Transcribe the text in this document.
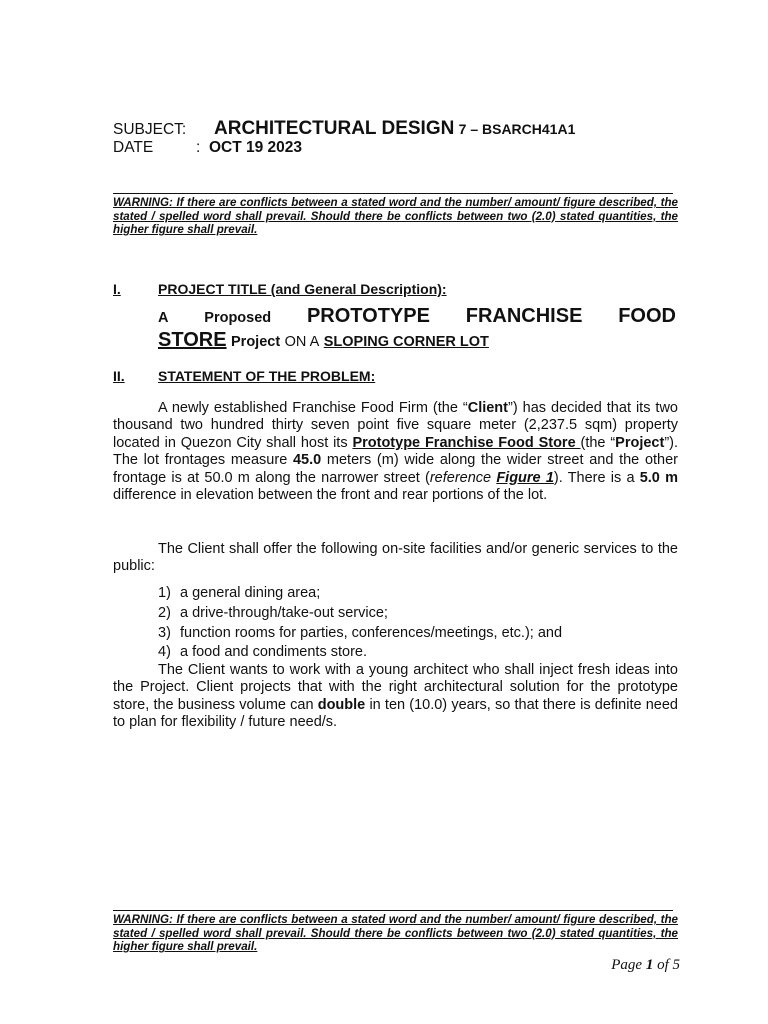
SUBJECT: ARCHITECTURAL DESIGN 7 – BSARCH41A1
DATE	: OCT 19 2023
WARNING: If there are conflicts between a stated word and the number/ amount/ figure described, the stated / spelled word shall prevail. Should there be conflicts between two (2.0) stated quantities, the higher figure shall prevail.
I.	PROJECT TITLE (and General Description):
A Proposed PROTOTYPE FRANCHISE FOOD
STORE Project ON A SLOPING CORNER LOT
II. STATEMENT OF THE PROBLEM:
A newly established Franchise Food Firm (the “Client”) has decided that its two thousand two hundred thirty seven point five square meter (2,237.5 sqm) property located in Quezon City shall host its Prototype Franchise Food Store (the “Project”). The lot frontages measure 45.0 meters (m) wide along the wider street and the other frontage is at 50.0 m along the narrower street (reference Figure 1). There is a 5.0 m difference in elevation between the front and rear portions of the lot.
The Client shall offer the following on-site facilities and/or generic services to the public:
1) a general dining area;
2) a drive-through/take-out service;
3) function rooms for parties, conferences/meetings, etc.); and
4) a food and condiments store.
The Client wants to work with a young architect who shall inject fresh ideas into the Project. Client projects that with the right architectural solution for the prototype store, the business volume can double in ten (10.0) years, so that there is definite need to plan for flexibility / future need/s.
WARNING: If there are conflicts between a stated word and the number/ amount/ figure described, the stated / spelled word shall prevail. Should there be conflicts between two (2.0) stated quantities, the higher figure shall prevail.
Page 1 of 5
